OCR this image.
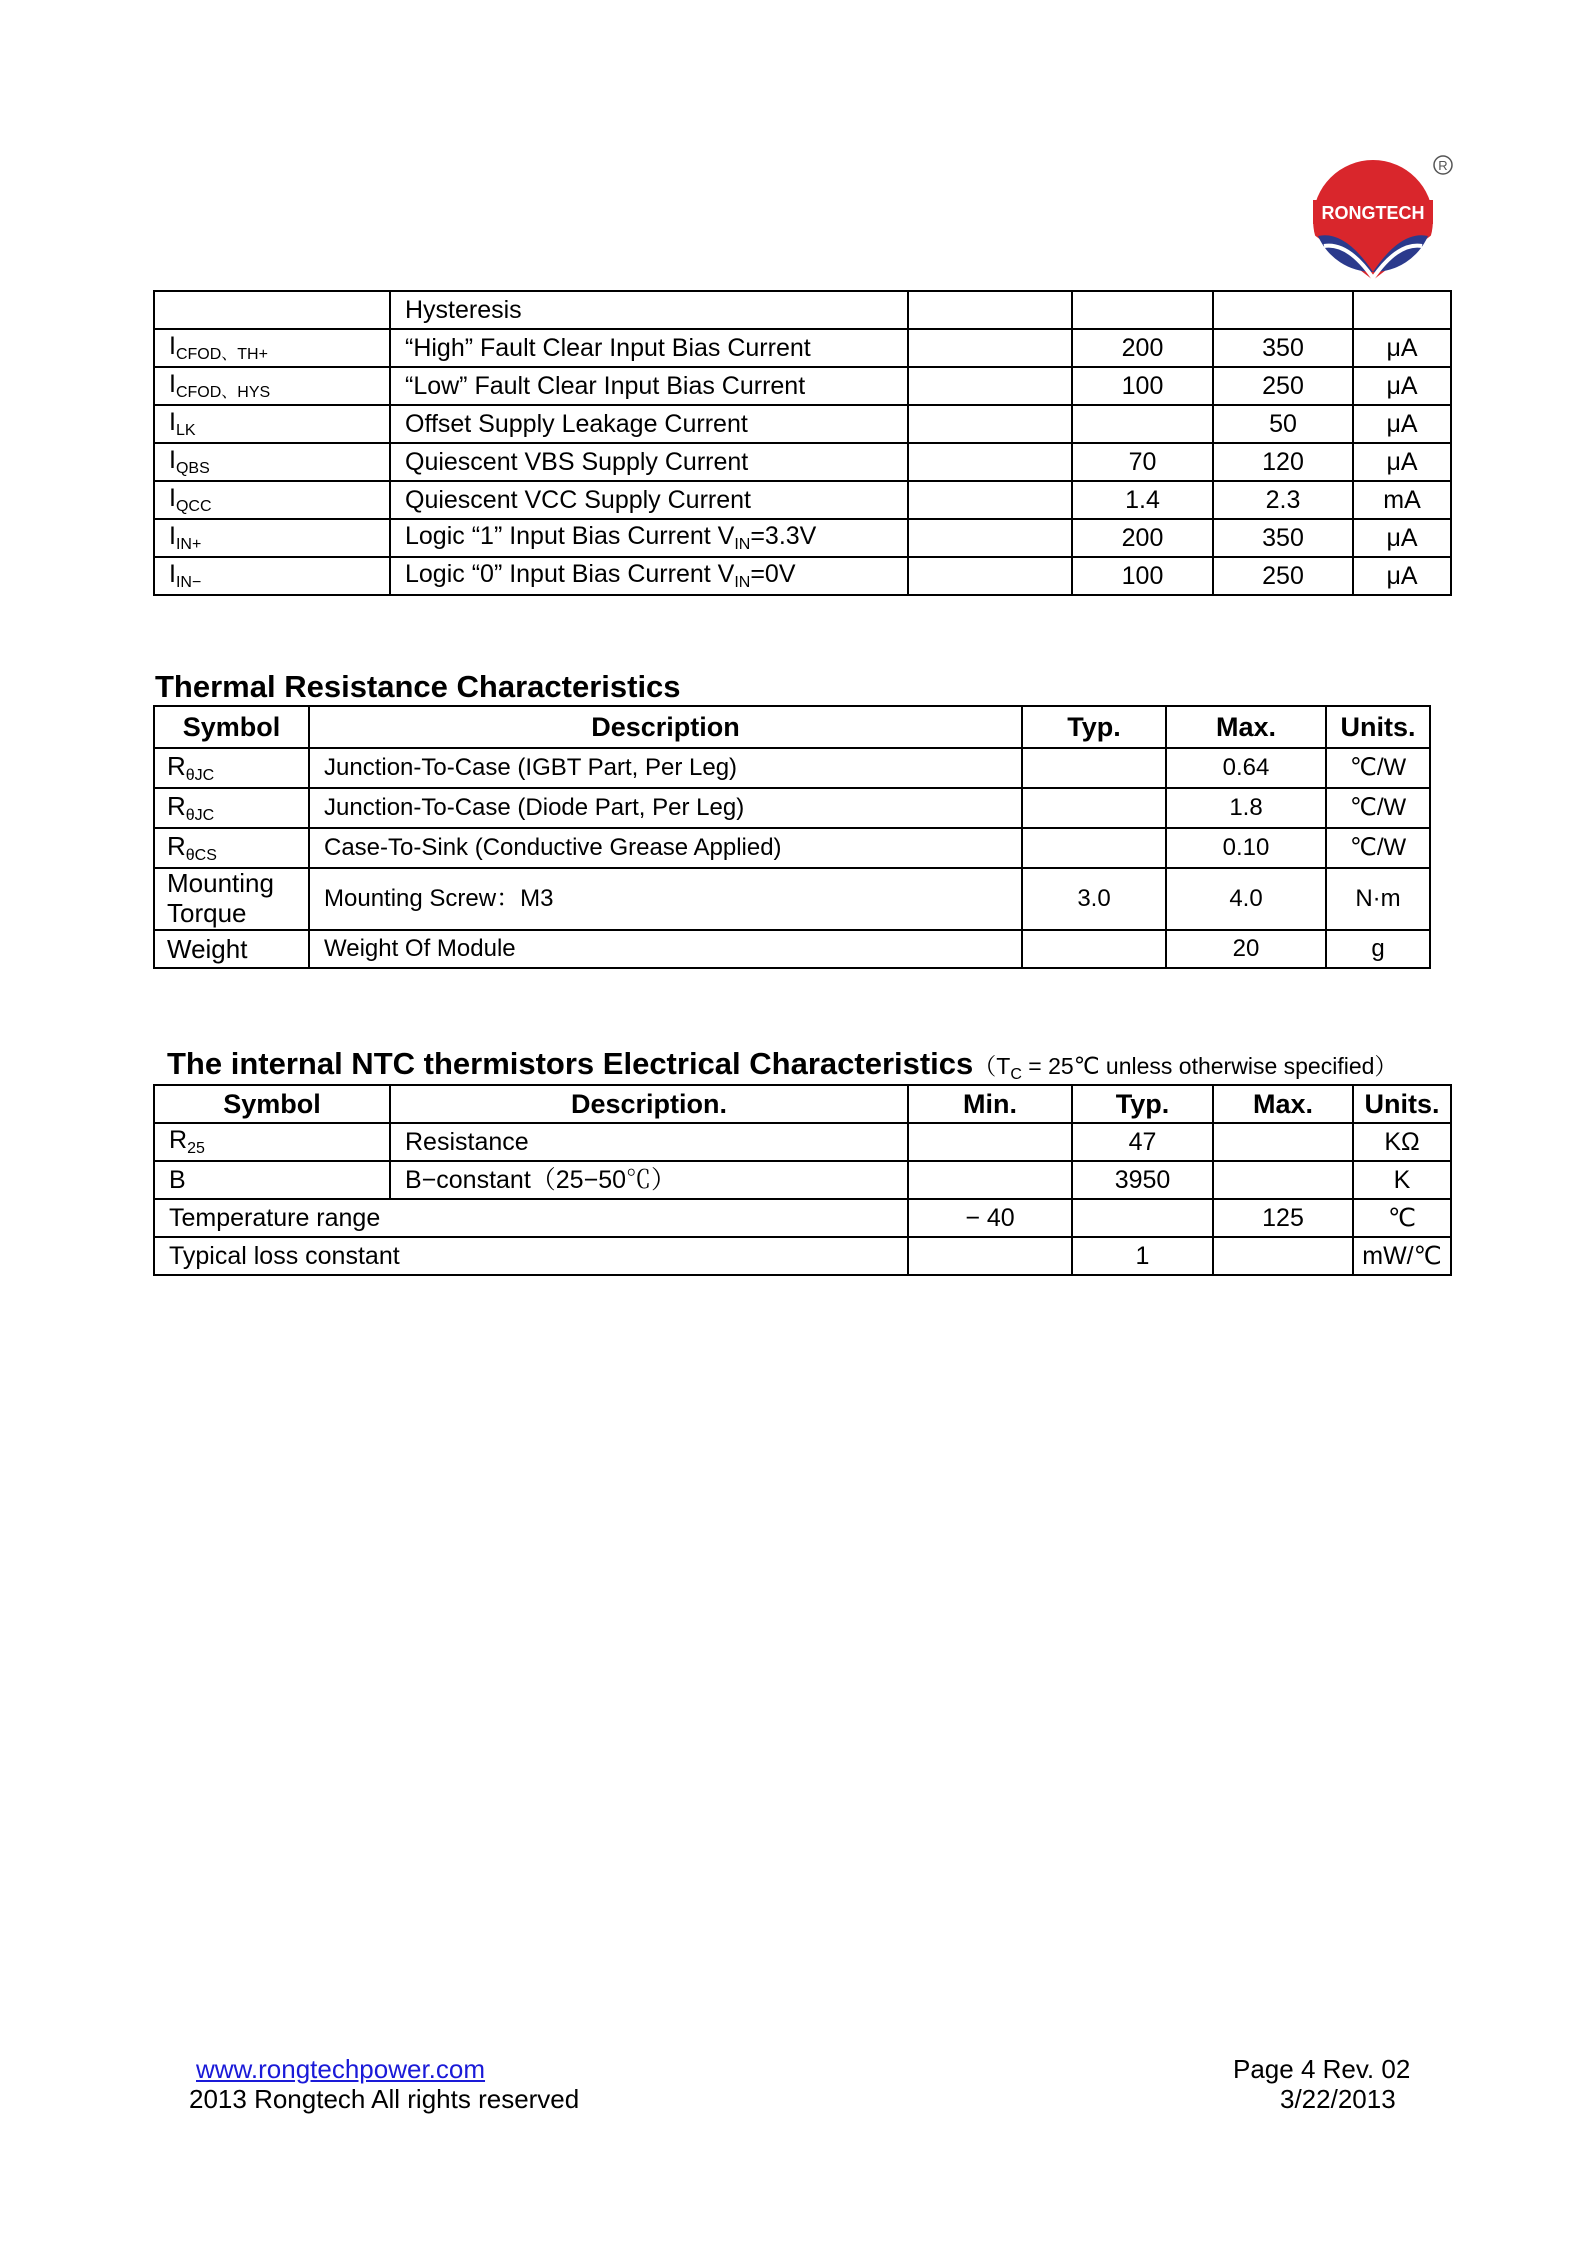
RONGTECH
R
	Hysteresis				
$I_{CFOD、TH+}$	“High” Fault Clear Input Bias Current		200	350	μA
$I_{CFOD、HYS}$	“Low” Fault Clear Input Bias Current		100	250	μA
$I_{LK}$	Offset Supply Leakage Current			50	μA
$I_{QBS}$	Quiescent VBS Supply Current		70	120	μA
$I_{QCC}$	Quiescent VCC Supply Current		1.4	2.3	mA
$I_{IN+}$	Logic “1” Input Bias Current $V_{IN}=3.3V$		200	350	μA
$I_{IN-}$	Logic “0” Input Bias Current $V_{IN}=0V$		100	250	μA
Thermal Resistance Characteristics
Symbol	Description	Typ.	Max.	Units.
$R_{\theta JC}$	Junction-To-Case (IGBT Part, Per Leg)		0.64	℃/W
$R_{\theta JC}$	Junction-To-Case (Diode Part, Per Leg)		1.8	℃/W
$R_{\theta CS}$	Case-To-Sink (Conductive Grease Applied)		0.10	℃/W

Mounting
Torque	Mounting Screw：M3	3.0	4.0	N·m
Weight	Weight Of Module		20	g
The internal NTC thermistors Electrical $Characteristics(T_C$ = 25℃ unless otherwise specified）
Symbol	Description.	Min.	Typ.	Max.	Units.
$R_{25}$	Resistance		47		KΩ
B	B−constant（25−50℃）		3950		K
Temperature range		− 40		125	℃
Typical loss constant			1		mW/℃
www.rongtechpower.com
2013 Rongtech All rights reserved
Page 4 Rev. 02
3/22/2013
